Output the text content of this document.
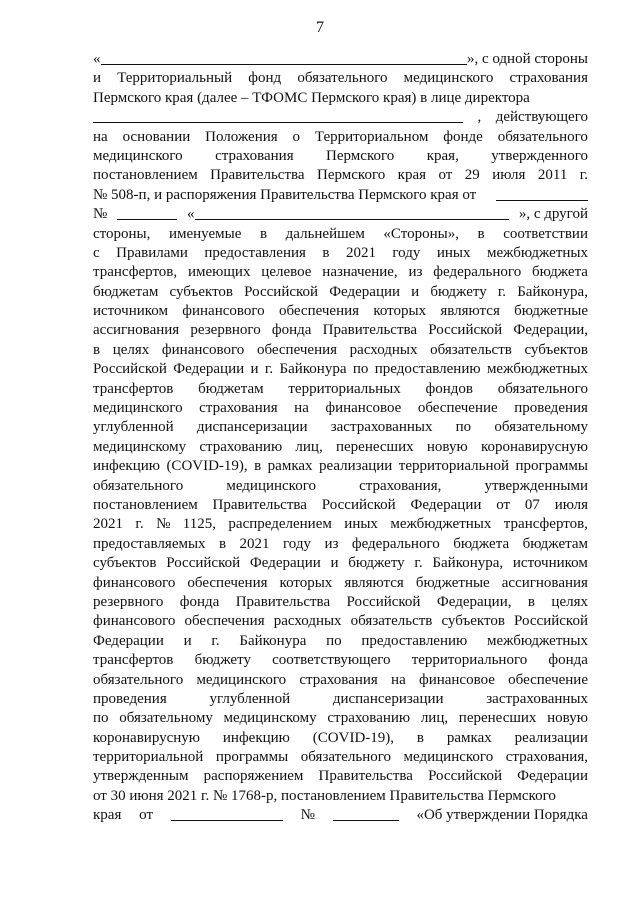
7
«	», с одной стороны
и Территориальный фонд обязательного медицинского страхования
Пермского края (далее – ТФОМС Пермского края) в лице директора
, действующего
на основании Положения о Территориальном фонде обязательного
медицинского страхования Пермского края, утвержденного
постановлением Правительства Пермского края от 29 июля 2011 г.
№ 508-п, и распоряжения Правительства Пермского края от
№	«	», с другой
стороны, именуемые в дальнейшем «Стороны», в соответствии
с Правилами предоставления в 2021 году иных межбюджетных
трансфертов, имеющих целевое назначение, из федерального бюджета
бюджетам субъектов Российской Федерации и бюджету г. Байконура,
источником финансового обеспечения которых являются бюджетные
ассигнования резервного фонда Правительства Российской Федерации,
в целях финансового обеспечения расходных обязательств субъектов
Российской Федерации и г. Байконура по предоставлению межбюджетных
трансфертов бюджетам территориальных фондов обязательного
медицинского страхования на финансовое обеспечение проведения
углубленной диспансеризации застрахованных по обязательному
медицинскому страхованию лиц, перенесших новую коронавирусную
инфекцию (COVID-19), в рамках реализации территориальной программы
обязательного	медицинского	страхования,	утвержденными
постановлением Правительства Российской Федерации от 07 июля
2021 г. № 1125, распределением иных межбюджетных трансфертов,
предоставляемых в 2021 году из федерального бюджета бюджетам
субъектов Российской Федерации и бюджету г. Байконура, источником
финансового обеспечения которых являются бюджетные ассигнования
резервного фонда Правительства Российской Федерации, в целях
финансового обеспечения расходных обязательств субъектов Российской
Федерации и г. Байконура по предоставлению межбюджетных
трансфертов бюджету соответствующего территориального фонда
обязательного медицинского страхования на финансовое обеспечение
проведения	углубленной	диспансеризации	застрахованных
по обязательному медицинскому страхованию лиц, перенесших новую
коронавирусную инфекцию (COVID-19), в рамках реализации
территориальной программы обязательного медицинского страхования,
утвержденным распоряжением Правительства Российской Федерации
от 30 июня 2021 г. № 1768-р, постановлением Правительства Пермского
края от	№	«Об утверждении Порядка
